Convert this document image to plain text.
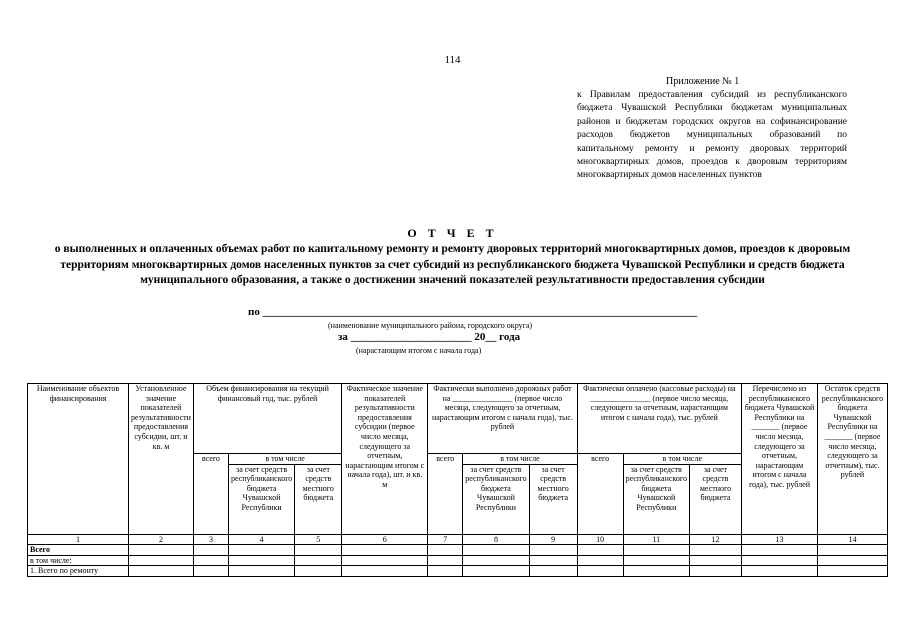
114
Приложение № 1
к Правилам предоставления субсидий из республиканского бюджета Чувашской Республики бюджетам муниципальных районов и бюджетам городских округов на софинансирование расходов бюджетов муниципальных образований по капитальному ремонту и ремонту дворовых территорий многоквартирных домов, проездов к дворовым территориям многоквартирных домов населенных пунктов
О Т Ч Е Т
о выполненных и оплаченных объемах работ по капитальному ремонту и ремонту дворовых территорий многоквартирных домов, проездов к дворовым территориям многоквартирных домов населенных пунктов за счет субсидий из республиканского бюджета Чувашской Республики и средств бюджета муниципального образования, а также о достижении значений показателей результативности предоставления субсидии
по _______________________________________________________________________________
(наименование муниципального района, городского округа)
за ______________________ 20__ года
(нарастающим итогом с начала года)
Наименование объектов финансирования	Установленное значение показателей результативности предоставления субсидии, шт. и кв. м	Объем финансирования на текущий финансовый год, тыс. рублей			Фактическое значение показателей результативности предоставления субсидии (первое число месяца, следующего за отчетным, нарастающим итогом с начала года), шт. и кв. м	Фактически выполнено дорожных работ на _______________ (первое число месяца, следующего за отчетным, нарастающим итогом с начала года), тыс. рублей			Фактически оплачено (кассовые расходы) на _______________ (первое число месяца, следующего за отчетным, нарастающим итогом с начала года), тыс. рублей			Перечислено из республиканского бюджета Чувашской Республики на _______ (первое число месяца, следующего за отчетным, нарастающим итогом с начала года), тыс. рублей	Остаток средств республиканского бюджета Чувашской Республики на _______ (первое число месяца, следующего за отчетным), тыс. рублей
		всего	в том числе			всего	в том числе		всего	в том числе			
			за счет средств республиканского бюджета Чувашской Республики	за счет средств местного бюджета			за счет средств республиканского бюджета Чувашской Республики	за счет средств местного бюджета		за счет средств республиканского бюджета Чувашской Республики	за счет средств местного бюджета		
1	2	3	4	5	6	7	8	9	10	11	12	13	14
Всего													
в том числе:													
1. Всего по ремонту													
